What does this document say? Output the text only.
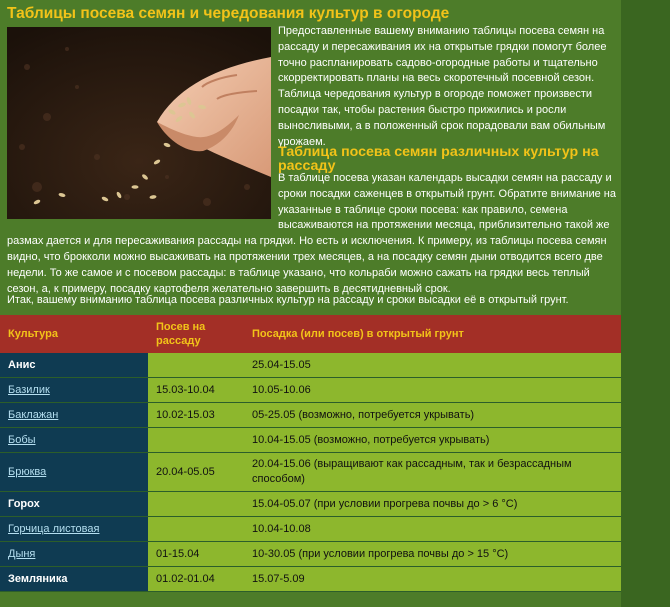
Таблицы посева семян и чередования культур в огороде

Предоставленные вашему вниманию таблицы посева семян на рассаду и пересаживания их на открытые грядки помогут более точно распланировать садово-огородные работы и тщательно скорректировать планы на весь скоротечный посевной сезон. Таблица чередования культур в огороде поможет произвести посадки так, чтобы растения быстро прижились и росли выносливыми, а в положенный срок порадовали вам обильным урожаем.

Таблица посева семян различных культур на рассаду
В таблице посева указан календарь высадки семян на рассаду и сроки посадки саженцев в открытый грунт. Обратите внимание на указанные в таблице сроки посева: как правило, семена высаживаются на протяжении месяца, приблизительно такой же размах дается и для пересаживания рассады на грядки. Но есть и исключения. К примеру, из таблицы посева семян видно, что брокколи можно высаживать на протяжении трех месяцев, а на посадку семян дыни отводится всего две недели. То же самое и с посевом рассады: в таблице указано, что кольраби можно сажать на грядки весь теплый сезон, а, к примеру, посадку картофеля желательно завершить в десятидневный срок.

Итак, вашему вниманию таблица посева различных культур на рассаду и сроки высадки её в открытый грунт.

Культура	Посев на рассаду	Посадка (или посев) в открытый грунт
Анис		25.04-15.05
Базилик	15.03-10.04	10.05-10.06
Баклажан	10.02-15.03	05-25.05 (возможно, потребуется укрывать)
Бобы		10.04-15.05 (возможно, потребуется укрывать)
Брюква	20.04-05.05	20.04-15.06 (выращивают как рассадным, так и безрассадным способом)
Горох		15.04-05.07 (при условии прогрева почвы до > 6 °С)
Горчица листовая		10.04-10.08
Дыня	01-15.04	10-30.05 (при условии прогрева почвы до > 15 °С)
Земляника	01.02-01.04	15.07-5.09
